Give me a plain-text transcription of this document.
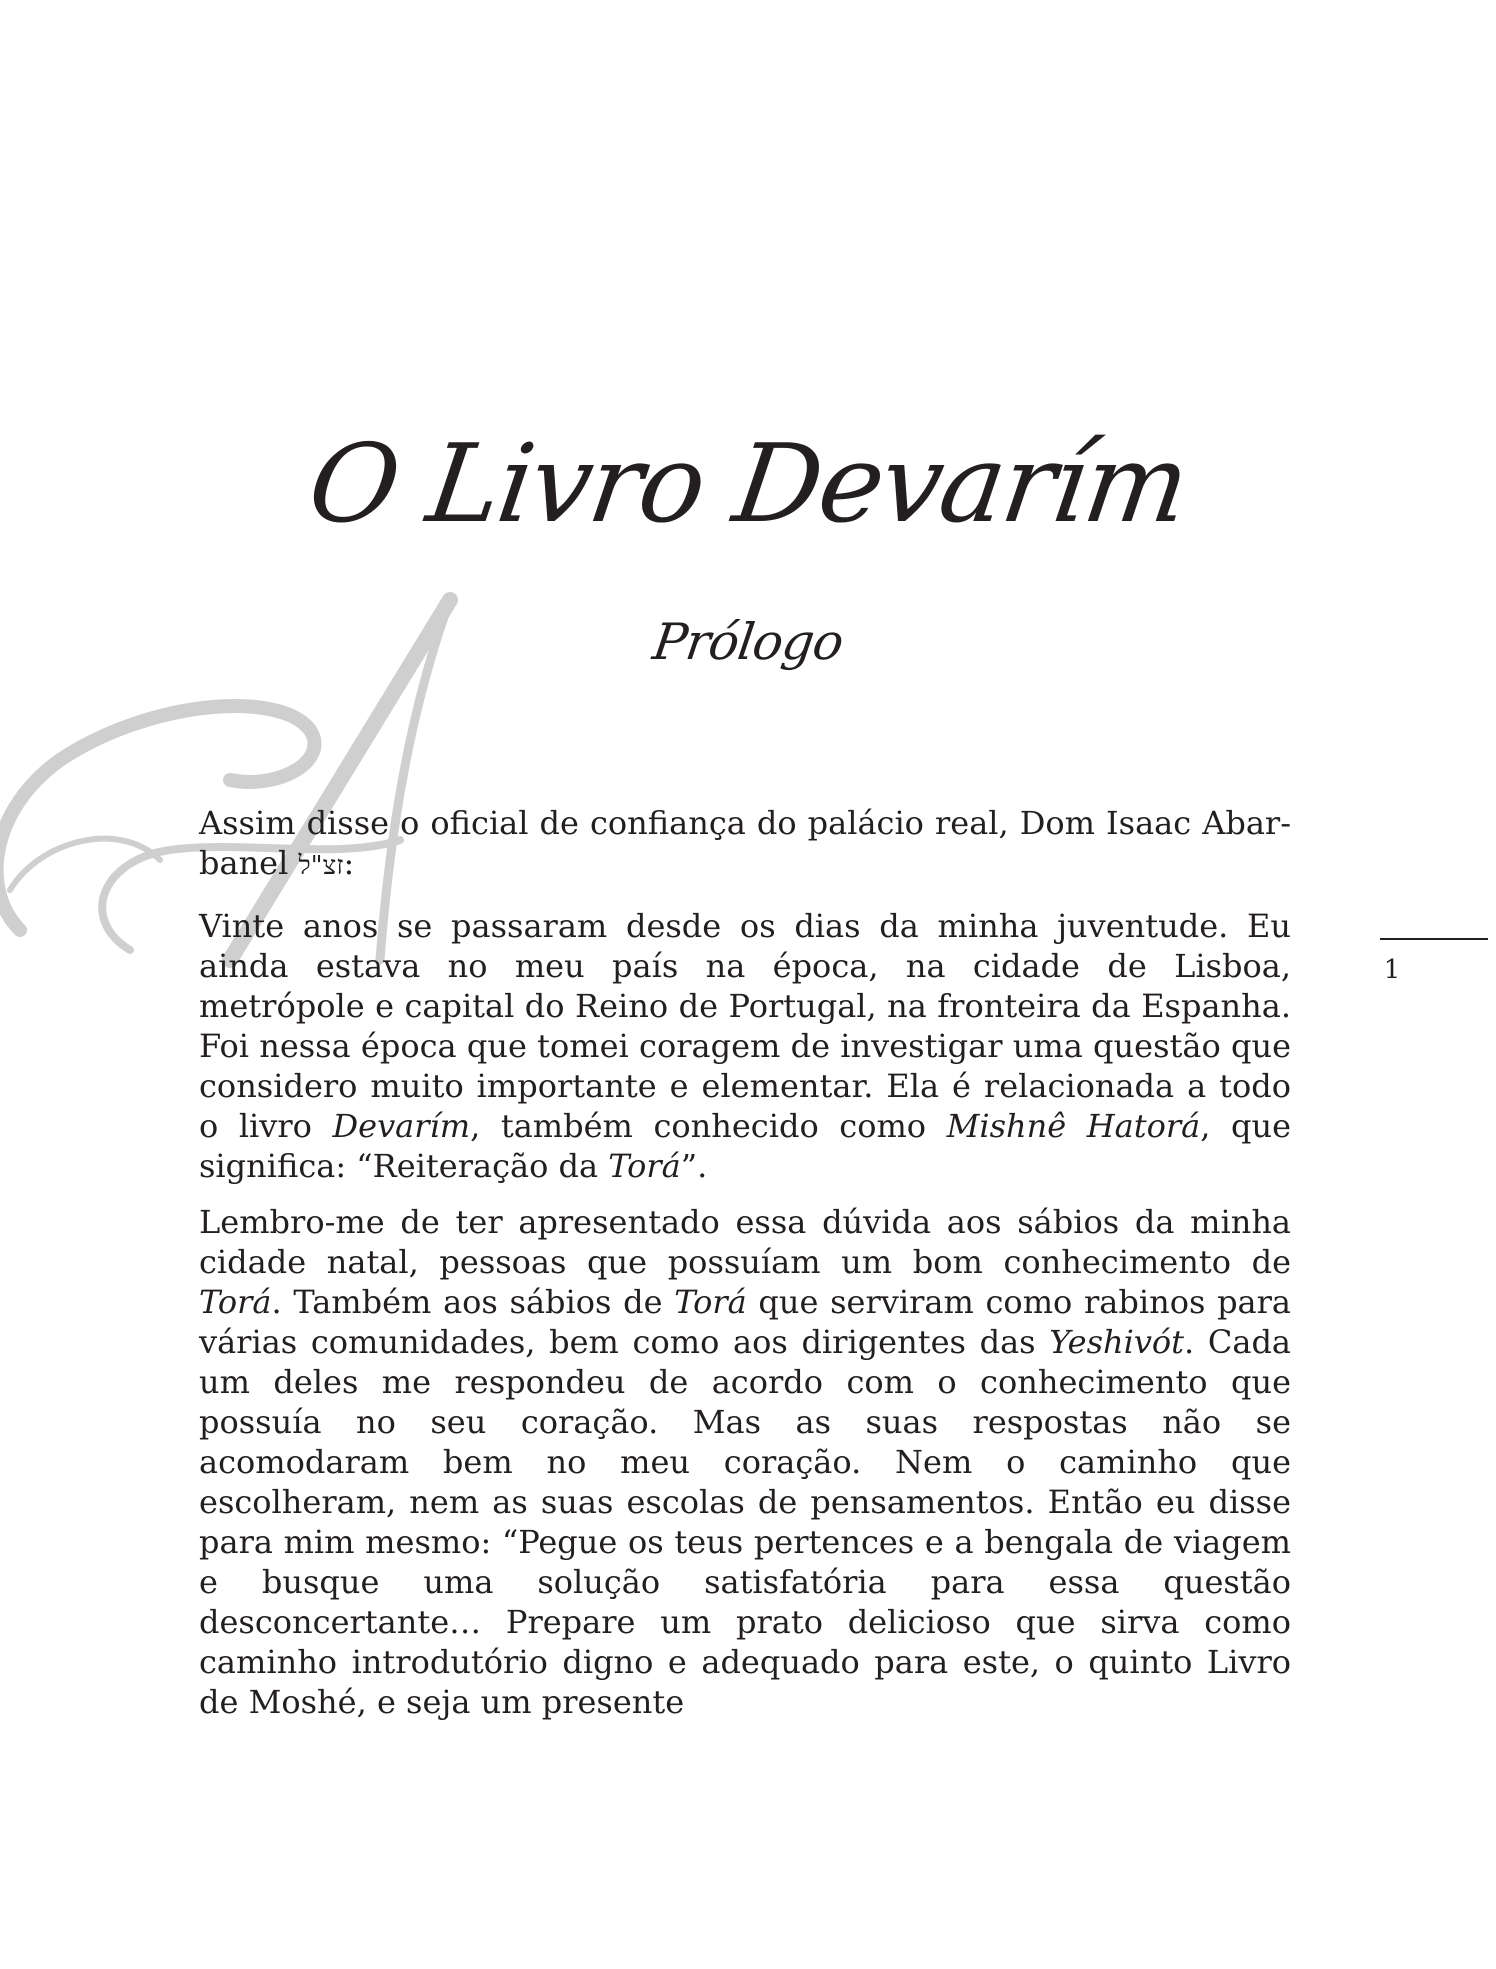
O Livro Devarím
Prólogo

Assim disse o oficial de confiança do palácio real, Dom Isaac Abar-banel זצ"ל:

Vinte anos se passaram desde os dias da minha juventude. Eu ainda estava no meu país na época, na cidade de Lisboa, metrópole e capital do Reino de Portugal, na fronteira da Espanha. Foi nessa época que tomei coragem de investigar uma questão que considero muito importante e elementar. Ela é relacionada a todo o livro Devarím, também conhecido como Mishnê Hatorá, que significa: “Reiteração da Torá”.

Lembro-me de ter apresentado essa dúvida aos sábios da minha cidade natal, pessoas que possuíam um bom conhecimento de Torá. Também aos sábios de Torá que serviram como rabinos para várias comunidades, bem como aos dirigentes das Yeshivót. Cada um deles me respondeu de acordo com o conhecimento que possuía no seu coração. Mas as suas respostas não se acomodaram bem no meu coração. Nem o caminho que escolheram, nem as suas escolas de pensamentos. Então eu disse para mim mesmo: “Pegue os teus pertences e a bengala de viagem e busque uma solução satisfatória para essa questão desconcertante… Prepare um prato delicioso que sirva como caminho introdutório digno e adequado para este, o quinto Livro de Moshé, e seja um presente

1
